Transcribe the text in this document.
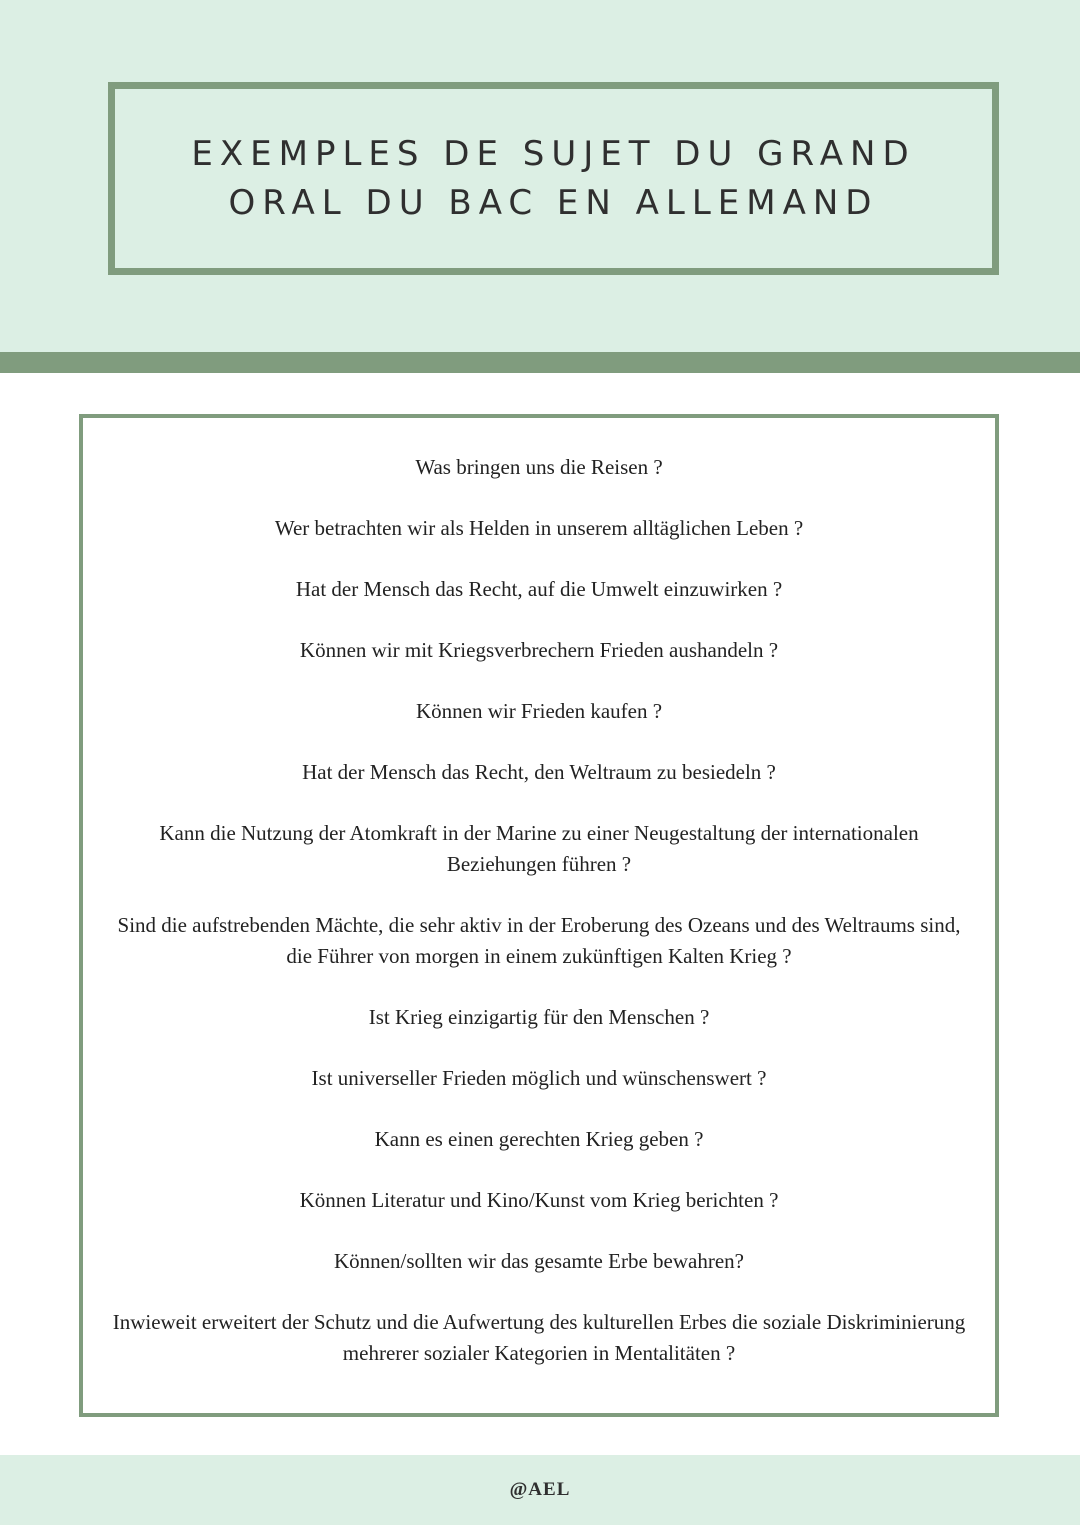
EXEMPLES DE SUJET DU GRAND
ORAL DU BAC EN ALLEMAND
Was bringen uns die Reisen ?
Wer betrachten wir als Helden in unserem alltäglichen Leben ?
Hat der Mensch das Recht, auf die Umwelt einzuwirken ?
Können wir mit Kriegsverbrechern Frieden aushandeln ?
Können wir Frieden kaufen ?
Hat der Mensch das Recht, den Weltraum zu besiedeln ?
Kann die Nutzung der Atomkraft in der Marine zu einer Neugestaltung der internationalen Beziehungen führen ?
Sind die aufstrebenden Mächte, die sehr aktiv in der Eroberung des Ozeans und des Weltraums sind, die Führer von morgen in einem zukünftigen Kalten Krieg ?
Ist Krieg einzigartig für den Menschen ?
Ist universeller Frieden möglich und wünschenswert ?
Kann es einen gerechten Krieg geben ?
Können Literatur und Kino/Kunst vom Krieg berichten ?
Können/sollten wir das gesamte Erbe bewahren?
Inwieweit erweitert der Schutz und die Aufwertung des kulturellen Erbes die soziale Diskriminierung mehrerer sozialer Kategorien in Mentalitäten ?
@AEL
